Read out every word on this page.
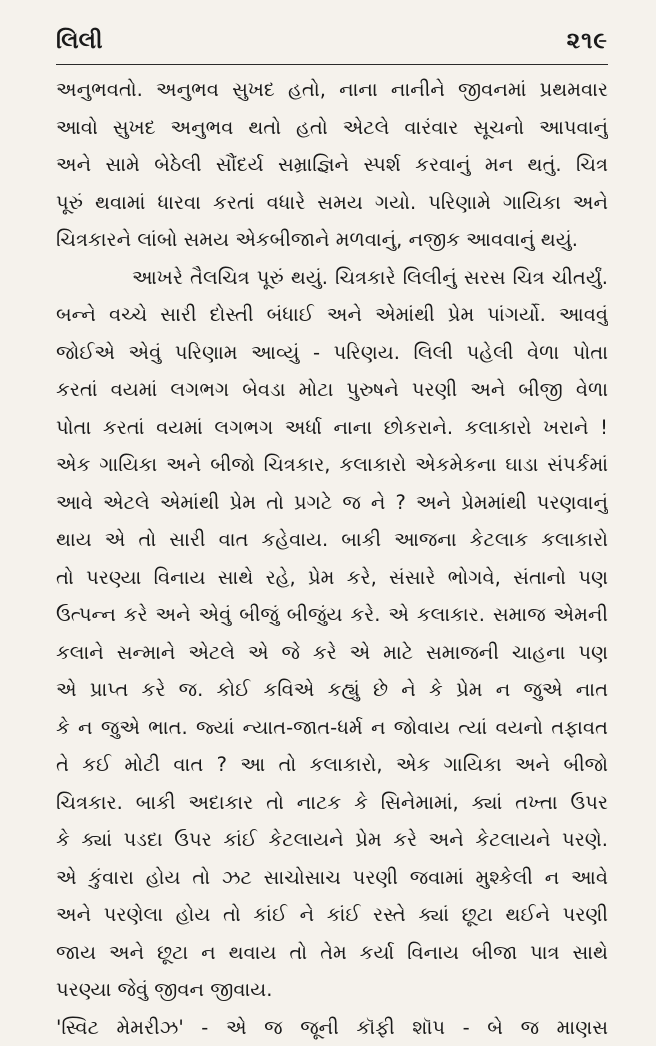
લિલી	૨૧૯
અનુભવતો. અનુભવ સુખદ હતો, નાના નાનીને જીવનમાં પ્રથમવાર
આવો સુખદ અનુભવ થતો હતો એટલે વારંવાર સૂચનો આપવાનું
અને સામે બેઠેલી સૌંદર્ય સમ્રાજ્ઞિને સ્પર્શ કરવાનું મન થતું. ચિત્ર
પૂરું થવામાં ધારવા કરતાં વધારે સમય ગયો. પરિણામે ગાયિકા અને
ચિત્રકારને લાંબો સમય એકબીજાને મળવાનું, નજીક આવવાનું થયું.
આખરે તૈલચિત્ર પૂરું થયું. ચિત્રકારે લિલીનું સરસ ચિત્ર ચીતર્યું.
બન્ને વચ્ચે સારી દોસ્તી બંધાઈ અને એમાંથી પ્રેમ પાંગર્યો. આવવું
જોઈએ એવું પરિણામ આવ્યું - પરિણય. લિલી પહેલી વેળા પોતા
કરતાં વયમાં લગભગ બેવડા મોટા પુરુષને પરણી અને બીજી વેળા
પોતા કરતાં વયમાં લગભગ અર્ધા નાના છોકરાને. કલાકારો ખરાને !
એક ગાયિકા અને બીજો ચિત્રકાર, કલાકારો એકમેકના ઘાડા સંપર્કમાં
આવે એટલે એમાંથી પ્રેમ તો પ્રગટે જ ને ? અને પ્રેમમાંથી પરણવાનું
થાય એ તો સારી વાત કહેવાય. બાકી આજના કેટલાક કલાકારો
તો પરણ્યા વિનાય સાથે રહે, પ્રેમ કરે, સંસારે ભોગવે, સંતાનો પણ
ઉત્પન્ન કરે અને એવું બીજું બીજુંય કરે. એ કલાકાર. સમાજ એમની
કલાને સન્માને એટલે એ જે કરે એ માટે સમાજની ચાહના પણ
એ પ્રાપ્ત કરે જ. કોઈ કવિએ કહ્યું છે ને કે પ્રેમ ન જુએ નાત
કે ન જુએ ભાત. જ્યાં ન્યાત-જાત-ધર્મ ન જોવાય ત્યાં વયનો તફાવત
તે કઈ મોટી વાત ? આ તો કલાકારો, એક ગાયિકા અને બીજો
ચિત્રકાર. બાકી અદાકાર તો નાટક કે સિનેમામાં, ક્યાં તખ્તા ઉપર
કે ક્યાં પડદા ઉપર કાંઈ કેટલાયને પ્રેમ કરે અને કેટલાયને પરણે.
એ કુંવારા હોય તો ઝટ સાચોસાચ પરણી જવામાં મુશ્કેલી ન આવે
અને પરણેલા હોય તો કાંઈ ને કાંઈ રસ્તે ક્યાં છૂટા થઈને પરણી
જાય અને છૂટા ન થવાય તો તેમ કર્યા વિનાય બીજા પાત્ર સાથે
પરણ્યા જેવું જીવન જીવાય.
'સ્વિટ મેમરીઝ' - એ જ જૂની કૉફી શૉપ - બે જ માણસ
